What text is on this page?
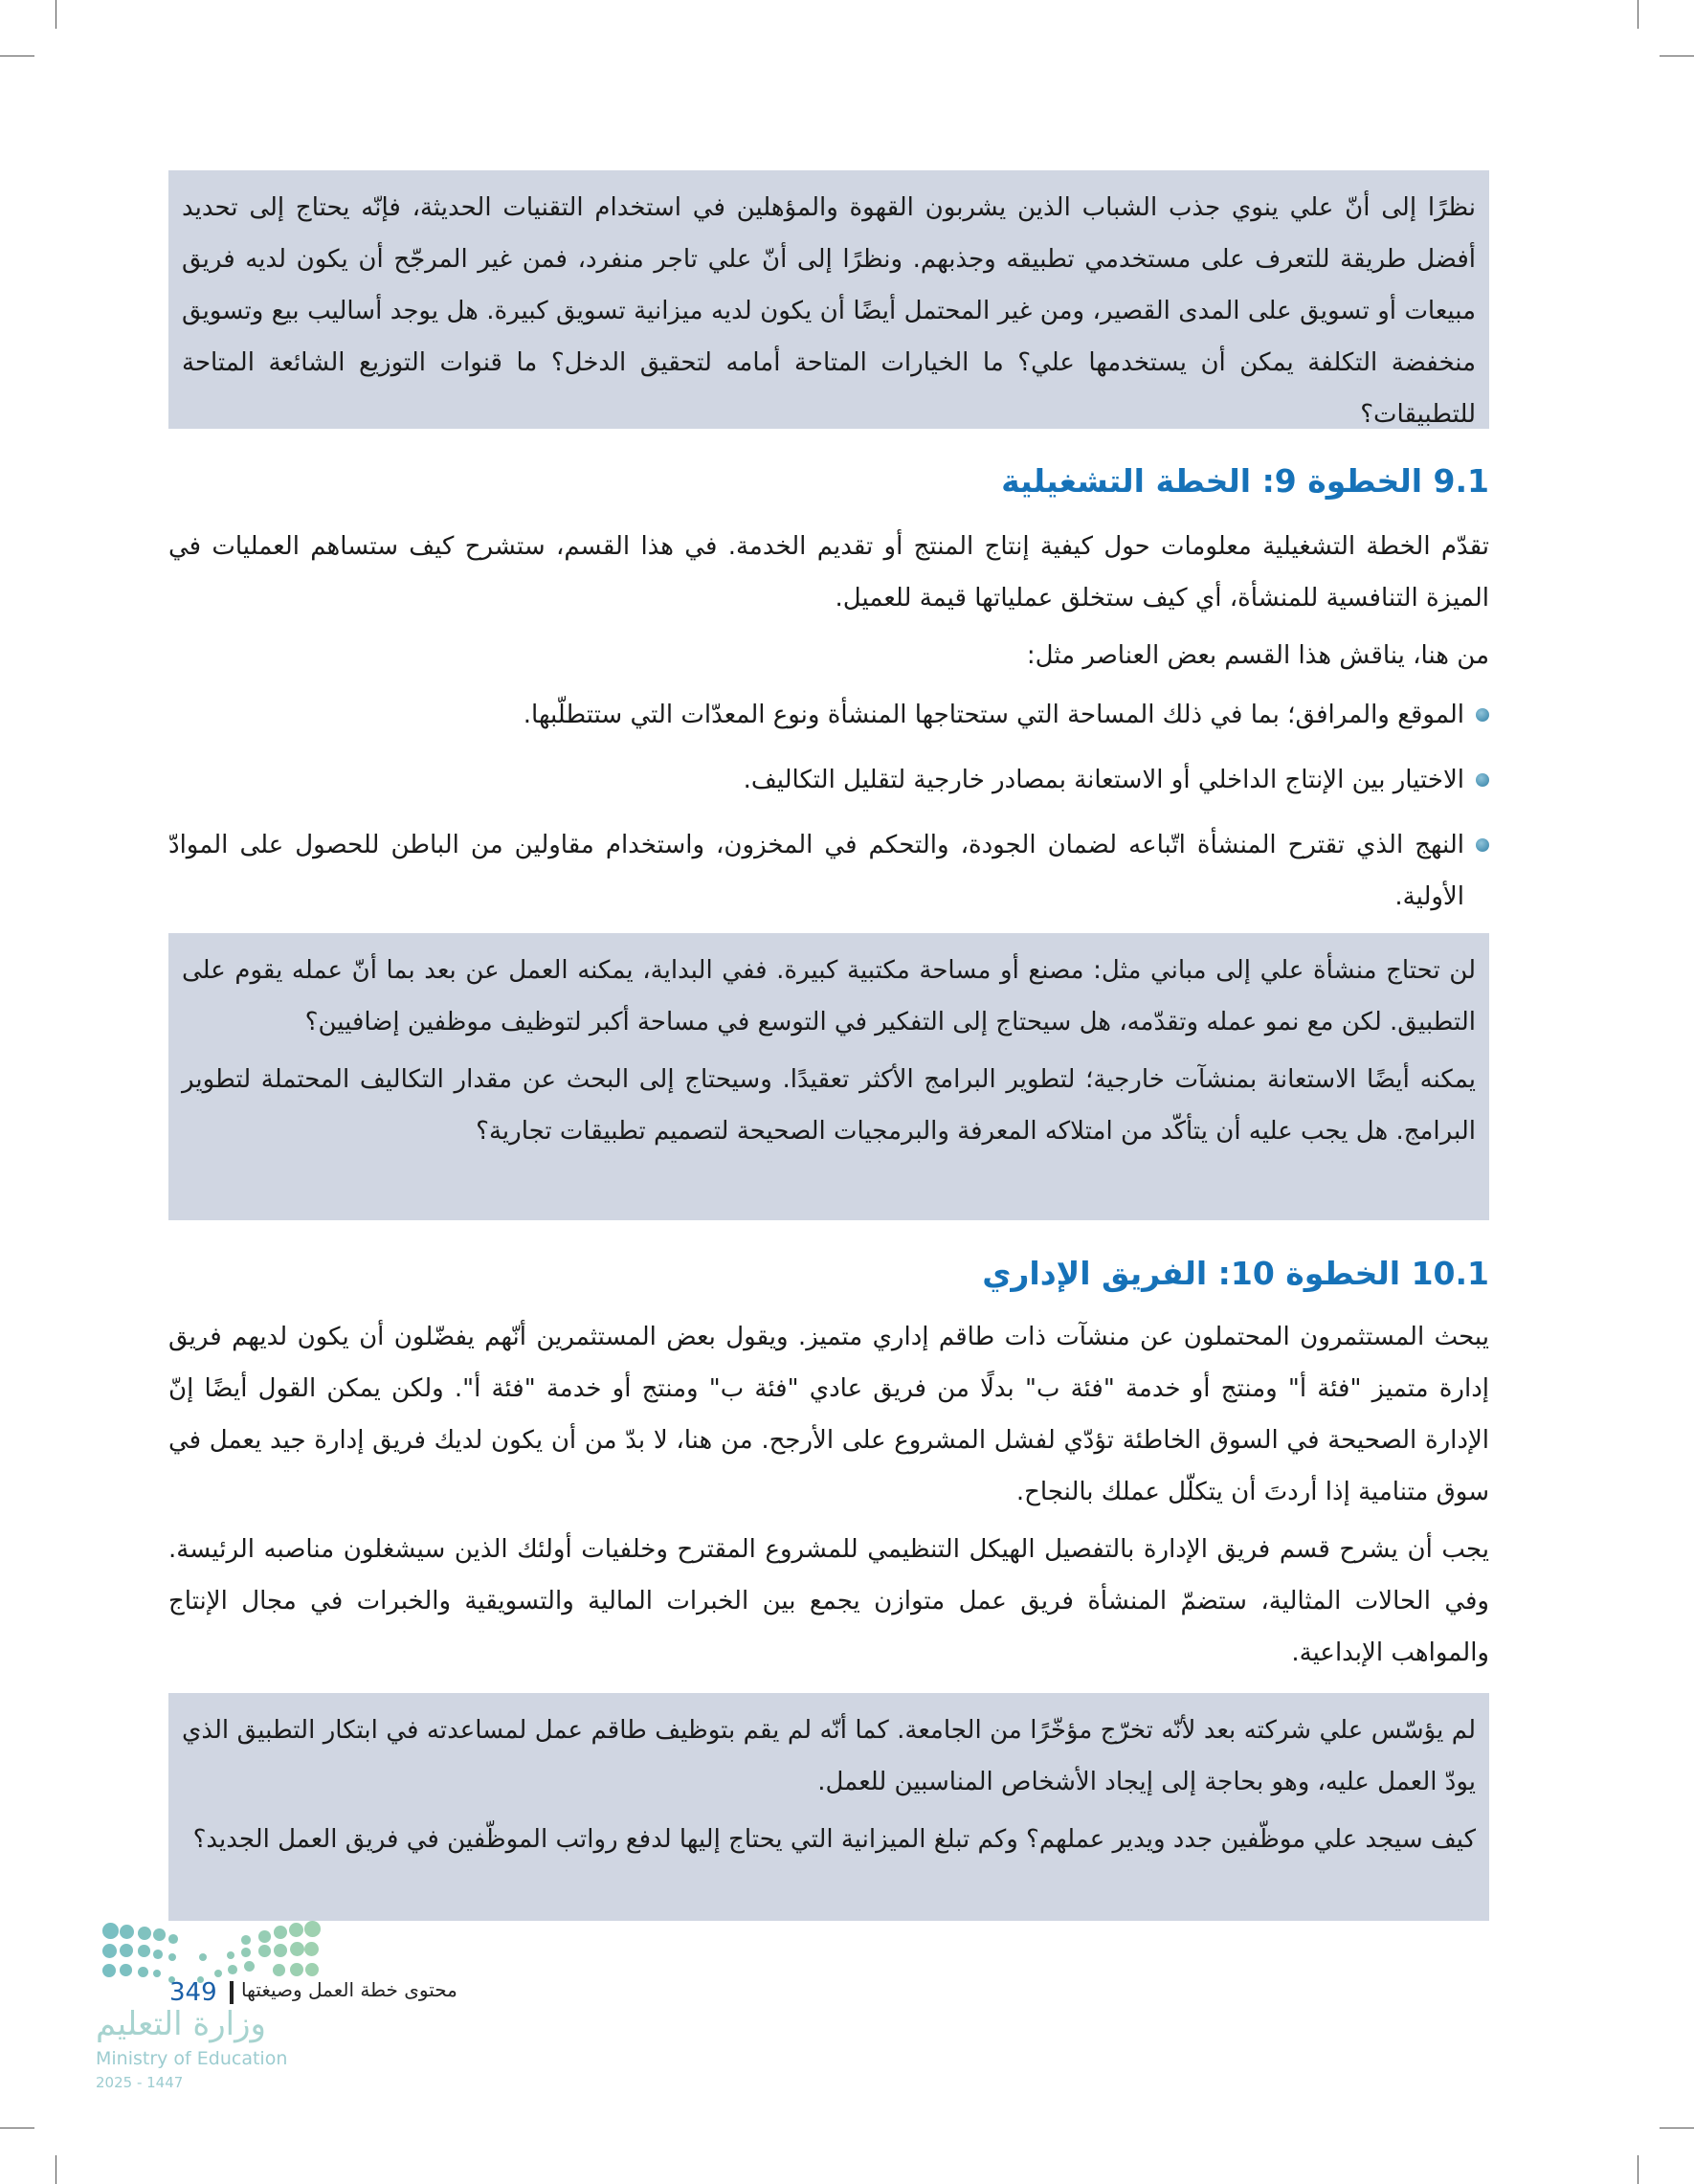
نظرًا إلى أنّ علي ينوي جذب الشباب الذين يشربون القهوة والمؤهلين في استخدام التقنيات الحديثة، فإنّه يحتاج إلى تحديد أفضل طريقة للتعرف على مستخدمي تطبيقه وجذبهم. ونظرًا إلى أنّ علي تاجر منفرد، فمن غير المرجّح أن يكون لديه فريق مبيعات أو تسويق على المدى القصير، ومن غير المحتمل أيضًا أن يكون لديه ميزانية تسويق كبيرة. هل يوجد أساليب بيع وتسويق منخفضة التكلفة يمكن أن يستخدمها علي؟ ما الخيارات المتاحة أمامه لتحقيق الدخل؟ ما قنوات التوزيع الشائعة المتاحة للتطبيقات؟

9.1 الخطوة 9: الخطة التشغيلية

تقدّم الخطة التشغيلية معلومات حول كيفية إنتاج المنتج أو تقديم الخدمة. في هذا القسم، ستشرح كيف ستساهم العمليات في الميزة التنافسية للمنشأة، أي كيف ستخلق عملياتها قيمة للعميل.

من هنا، يناقش هذا القسم بعض العناصر مثل:

الموقع والمرافق؛ بما في ذلك المساحة التي ستحتاجها المنشأة ونوع المعدّات التي ستتطلّبها.
الاختيار بين الإنتاج الداخلي أو الاستعانة بمصادر خارجية لتقليل التكاليف.
النهج الذي تقترح المنشأة اتّباعه لضمان الجودة، والتحكم في المخزون، واستخدام مقاولين من الباطن للحصول على الموادّ الأولية.

لن تحتاج منشأة علي إلى مباني مثل: مصنع أو مساحة مكتبية كبيرة. ففي البداية، يمكنه العمل عن بعد بما أنّ عمله يقوم على التطبيق. لكن مع نمو عمله وتقدّمه، هل سيحتاج إلى التفكير في التوسع في مساحة أكبر لتوظيف موظفين إضافيين؟

يمكنه أيضًا الاستعانة بمنشآت خارجية؛ لتطوير البرامج الأكثر تعقيدًا. وسيحتاج إلى البحث عن مقدار التكاليف المحتملة لتطوير البرامج. هل يجب عليه أن يتأكّد من امتلاكه المعرفة والبرمجيات الصحيحة لتصميم تطبيقات تجارية؟

10.1 الخطوة 10: الفريق الإداري

يبحث المستثمرون المحتملون عن منشآت ذات طاقم إداري متميز. ويقول بعض المستثمرين أنّهم يفضّلون أن يكون لديهم فريق إدارة متميز "فئة أ" ومنتج أو خدمة "فئة ب" بدلًا من فريق عادي "فئة ب" ومنتج أو خدمة "فئة أ". ولكن يمكن القول أيضًا إنّ الإدارة الصحيحة في السوق الخاطئة تؤدّي لفشل المشروع على الأرجح. من هنا، لا بدّ من أن يكون لديك فريق إدارة جيد يعمل في سوق متنامية إذا أردتَ أن يتكلّل عملك بالنجاح.

يجب أن يشرح قسم فريق الإدارة بالتفصيل الهيكل التنظيمي للمشروع المقترح وخلفيات أولئك الذين سيشغلون مناصبه الرئيسة. وفي الحالات المثالية، ستضمّ المنشأة فريق عمل متوازن يجمع بين الخبرات المالية والتسويقية والخبرات في مجال الإنتاج والمواهب الإبداعية.

لم يؤسّس علي شركته بعد لأنّه تخرّج مؤخّرًا من الجامعة. كما أنّه لم يقم بتوظيف طاقم عمل لمساعدته في ابتكار التطبيق الذي يودّ العمل عليه، وهو بحاجة إلى إيجاد الأشخاص المناسبين للعمل.

كيف سيجد علي موظّفين جدد ويدير عملهم؟ وكم تبلغ الميزانية التي يحتاج إليها لدفع رواتب الموظّفين في فريق العمل الجديد؟

349 محتوى خطة العمل وصيغتها
وزارة التعليم
Ministry of Education
2025 - 1447
